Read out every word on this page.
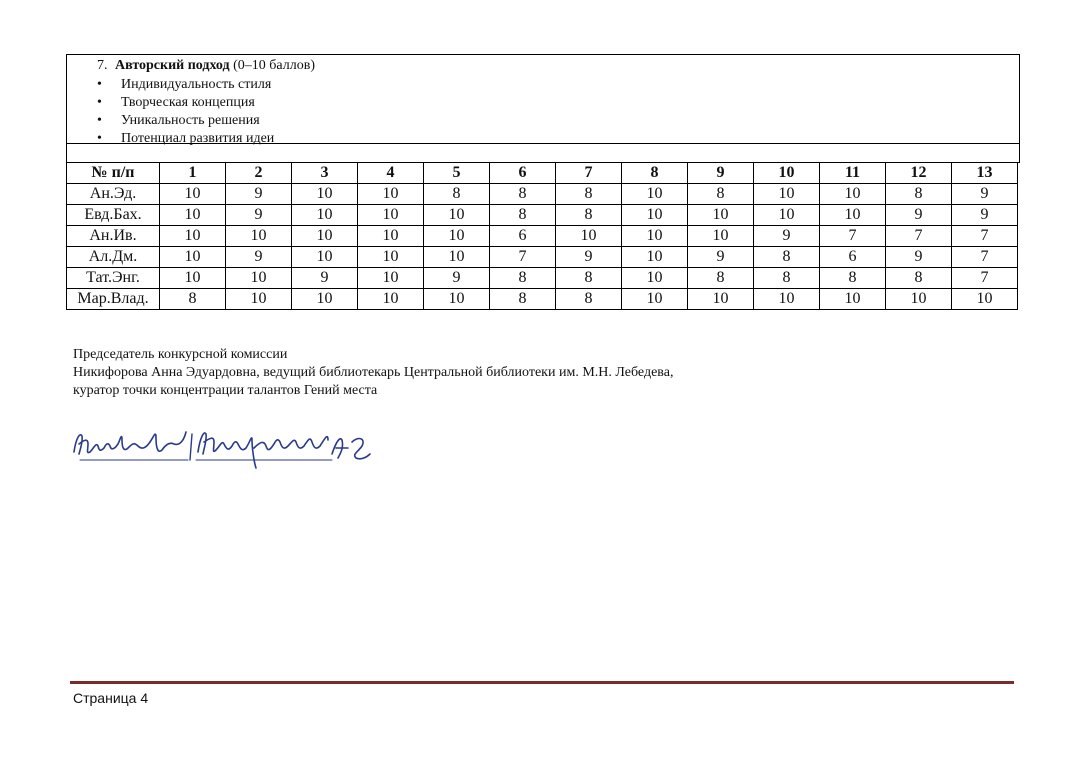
7. Авторский подход (0–10 баллов)
• Индивидуальность стиля
• Творческая концепция
• Уникальность решения
• Потенциал развития идеи
№ п/п	1	2	3	4	5	6	7	8	9	10	11	12	13
Ан.Эд.	10	9	10	10	8	8	8	10	8	10	10	8	9
Евд.Бах.	10	9	10	10	10	8	8	10	10	10	10	9	9
Ан.Ив.	10	10	10	10	10	6	10	10	10	9	7	7	7
Ал.Дм.	10	9	10	10	10	7	9	10	9	8	6	9	7
Тат.Энг.	10	10	9	10	9	8	8	10	8	8	8	8	7
Мар.Влад.	8	10	10	10	10	8	8	10	10	10	10	10	10
Председатель конкурсной комиссии
Никифорова Анна Эдуардовна, ведущий библиотекарь Центральной библиотеки им. М.Н. Лебедева,
куратор точки концентрации талантов Гений места
Страница 4
